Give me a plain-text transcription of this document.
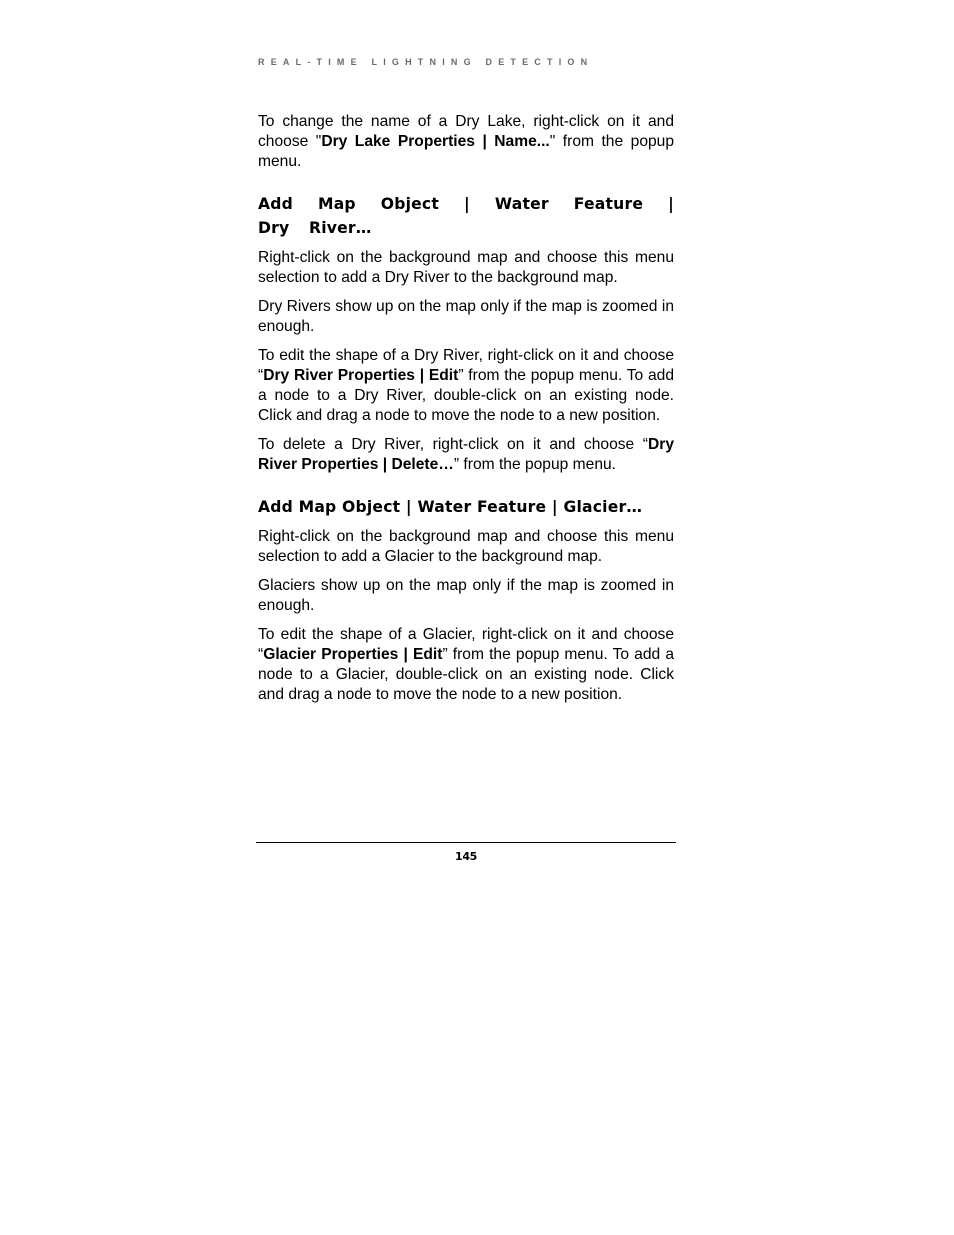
REAL-TIME LIGHTNING DETECTION

To change the name of a Dry Lake, right-click on it and choose "Dry Lake Properties | Name..." from the popup menu.

Add Map Object | Water Feature | Dry River…

Right-click on the background map and choose this menu selection to add a Dry River to the background map.

Dry Rivers show up on the map only if the map is zoomed in enough.

To edit the shape of a Dry River, right-click on it and choose “Dry River Properties | Edit” from the popup menu. To add a node to a Dry River, double-click on an existing node. Click and drag a node to move the node to a new position.

To delete a Dry River, right-click on it and choose “Dry River Properties | Delete…” from the popup menu.

Add Map Object | Water Feature | Glacier…

Right-click on the background map and choose this menu selection to add a Glacier to the background map.

Glaciers show up on the map only if the map is zoomed in enough.

To edit the shape of a Glacier, right-click on it and choose “Glacier Properties | Edit” from the popup menu. To add a node to a Glacier, double-click on an existing node. Click and drag a node to move the node to a new position.

145
